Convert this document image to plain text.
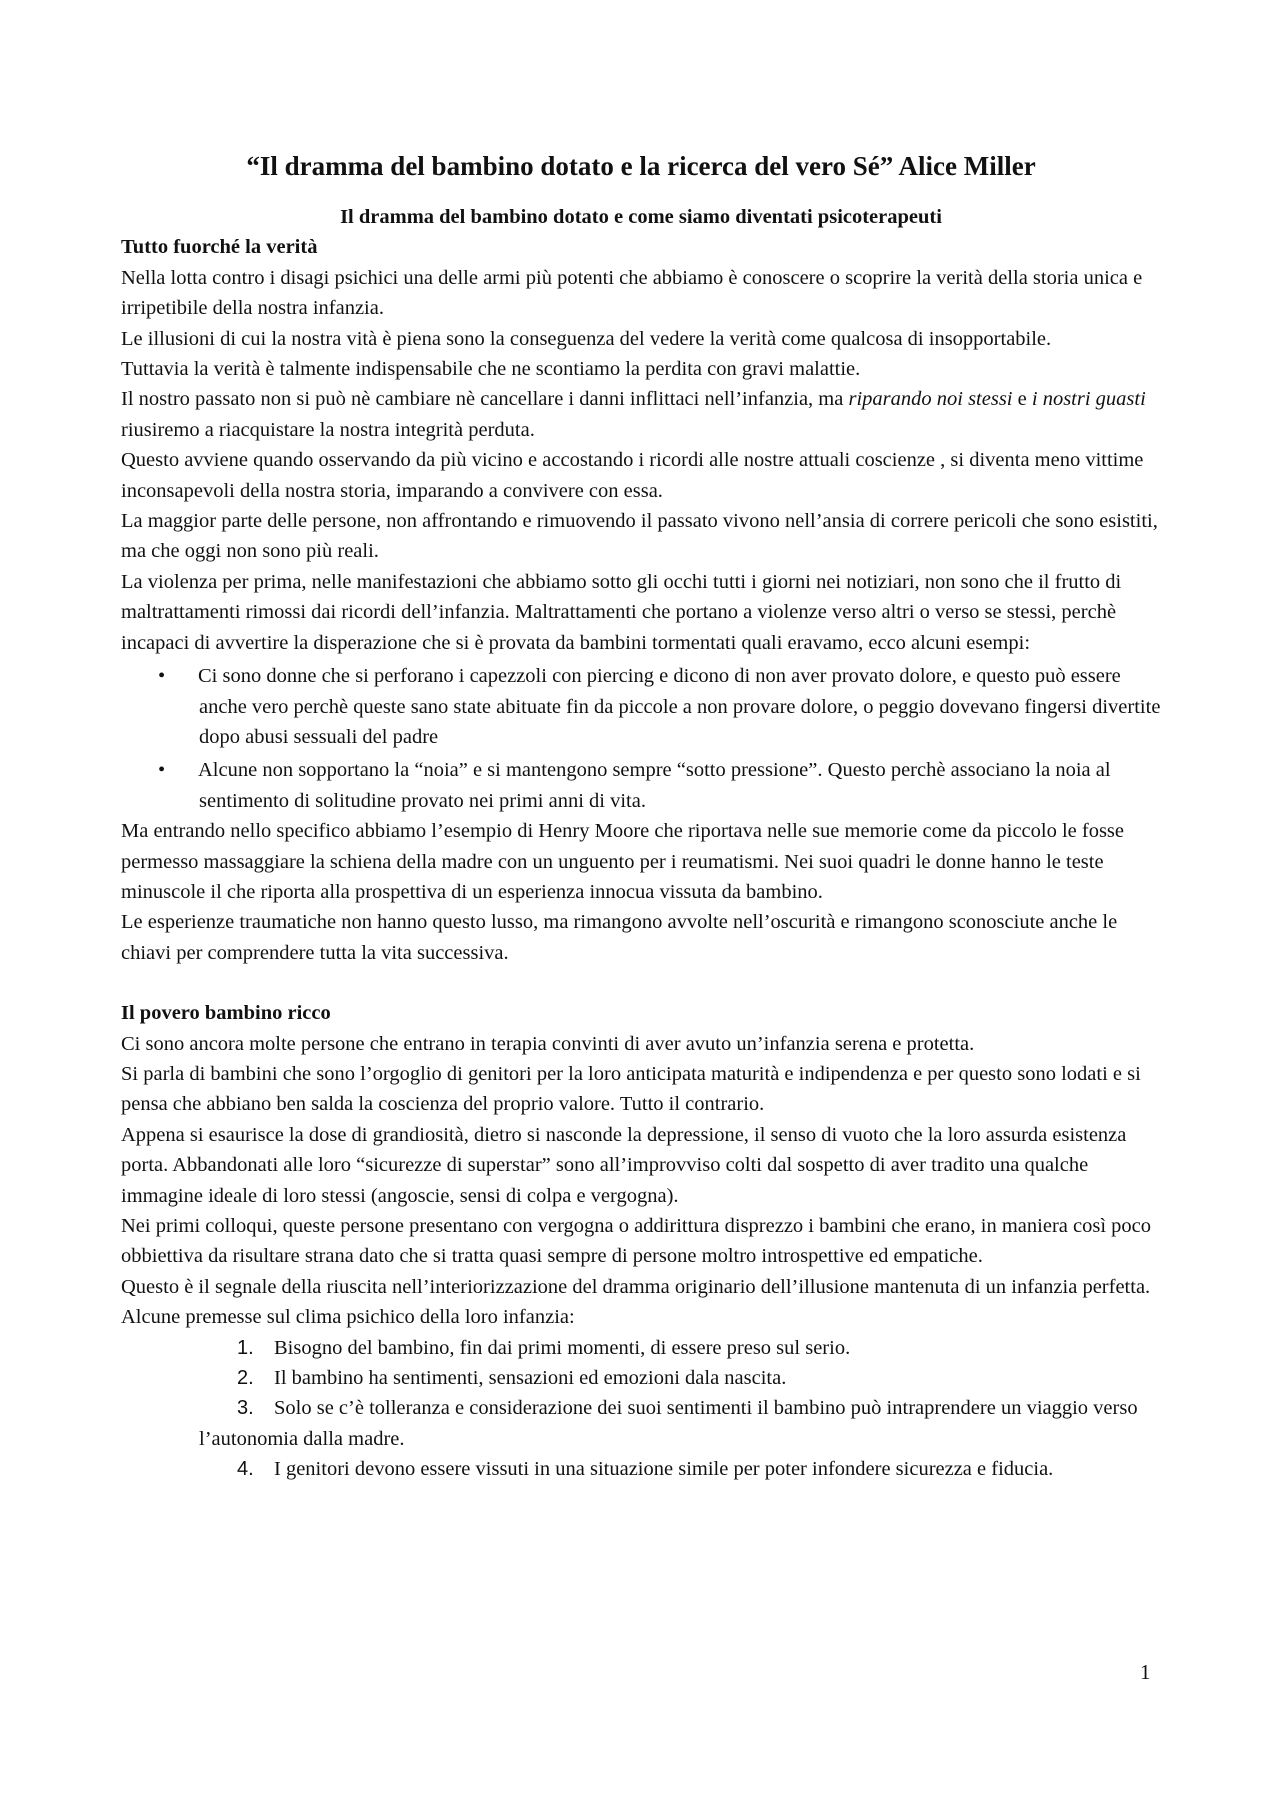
“Il dramma del bambino dotato e la ricerca del vero Sé” Alice Miller

Il dramma del bambino dotato e come siamo diventati psicoterapeuti

Tutto fuorché la verità

Nella lotta contro i disagi psichici una delle armi più potenti che abbiamo è conoscere o scoprire la verità della storia unica e irripetibile della nostra infanzia.

Le illusioni di cui la nostra vità è piena sono la conseguenza del vedere la verità come qualcosa di insopportabile.

Tuttavia la verità è talmente indispensabile che ne scontiamo la perdita con gravi malattie.

Il nostro passato non si può nè cambiare nè cancellare i danni inflittaci nell’infanzia, ma riparando noi stessi e i nostri guasti riusiremo a riacquistare la nostra integrità perduta.

Questo avviene quando osservando da più vicino e accostando i ricordi alle nostre attuali coscienze , si diventa meno vittime inconsapevoli della nostra storia, imparando a convivere con essa.

La maggior parte delle persone, non affrontando e rimuovendo il passato vivono nell’ansia di correre pericoli che sono esistiti, ma che oggi non sono più reali.

La violenza per prima, nelle manifestazioni che abbiamo sotto gli occhi tutti i giorni nei notiziari, non sono che il frutto di maltrattamenti rimossi dai ricordi dell’infanzia. Maltrattamenti che portano a violenze verso altri o verso se stessi, perchè incapaci di avvertire la disperazione che si è provata da bambini tormentati quali eravamo, ecco alcuni esempi:

• Ci sono donne che si perforano i capezzoli con piercing e dicono di non aver provato dolore, e questo può essere anche vero perchè queste sano state abituate fin da piccole a non provare dolore, o peggio dovevano fingersi divertite dopo abusi sessuali del padre
• Alcune non sopportano la “noia” e si mantengono sempre “sotto pressione”. Questo perchè associano la noia al sentimento di solitudine provato nei primi anni di vita.

Ma entrando nello specifico abbiamo l’esempio di Henry Moore che riportava nelle sue memorie come da piccolo le fosse permesso massaggiare la schiena della madre con un unguento per i reumatismi. Nei suoi quadri le donne hanno le teste minuscole il che riporta alla prospettiva di un esperienza innocua vissuta da bambino.

Le esperienze traumatiche non hanno questo lusso, ma rimangono avvolte nell’oscurità e rimangono sconosciute anche le chiavi per comprendere tutta la vita successiva.

Il povero bambino ricco

Ci sono ancora molte persone che entrano in terapia convinti di aver avuto un’infanzia serena e protetta.

Si parla di bambini che sono l’orgoglio di genitori per la loro anticipata maturità e indipendenza e per questo sono lodati e si pensa che abbiano ben salda la coscienza del proprio valore. Tutto il contrario.

Appena si esaurisce la dose di grandiosità, dietro si nasconde la depressione, il senso di vuoto che la loro assurda esistenza porta. Abbandonati alle loro “sicurezze di superstar” sono all’improvviso colti dal sospetto di aver tradito una qualche immagine ideale di loro stessi (angoscie, sensi di colpa e vergogna).

Nei primi colloqui, queste persone presentano con vergogna o addirittura disprezzo i bambini che erano, in maniera così poco obbiettiva da risultare strana dato che si tratta quasi sempre di persone moltro introspettive ed empatiche.

Questo è il segnale della riuscita nell’interiorizzazione del dramma originario dell’illusione mantenuta di un infanzia perfetta.

Alcune premesse sul clima psichico della loro infanzia:

1. Bisogno del bambino, fin dai primi momenti, di essere preso sul serio.
2. Il bambino ha sentimenti, sensazioni ed emozioni dala nascita.
3. Solo se c’è tolleranza e considerazione dei suoi sentimenti il bambino può intraprendere un viaggio verso l’autonomia dalla madre.
4. I genitori devono essere vissuti in una situazione simile per poter infondere sicurezza e fiducia.
1
